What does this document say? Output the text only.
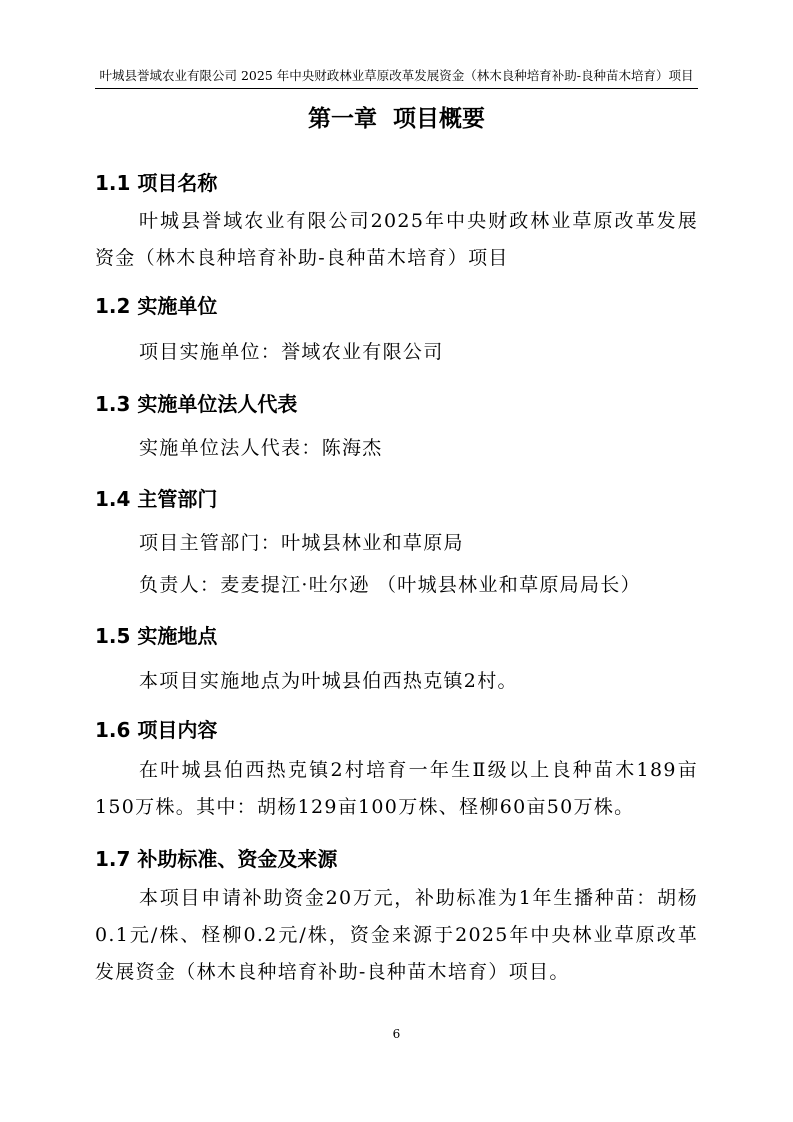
叶城县誉域农业有限公司 2025 年中央财政林业草原改革发展资金（林木良种培育补助-良种苗木培育）项目
第一章  项目概要
1.1 项目名称
叶城县誉域农业有限公司2025年中央财政林业草原改革发展资金（林木良种培育补助-良种苗木培育）项目
1.2 实施单位
项目实施单位：誉域农业有限公司
1.3 实施单位法人代表
实施单位法人代表：陈海杰
1.4 主管部门
项目主管部门：叶城县林业和草原局
负责人：麦麦提江·吐尔逊 （叶城县林业和草原局局长）
1.5 实施地点
本项目实施地点为叶城县伯西热克镇2村。
1.6 项目内容
在叶城县伯西热克镇2村培育一年生Ⅱ级以上良种苗木189亩150万株。其中：胡杨129亩100万株、柽柳60亩50万株。
1.7 补助标准、资金及来源
本项目申请补助资金20万元，补助标准为1年生播种苗：胡杨0.1元/株、柽柳0.2元/株，资金来源于2025年中央林业草原改革发展资金（林木良种培育补助-良种苗木培育）项目。
6
